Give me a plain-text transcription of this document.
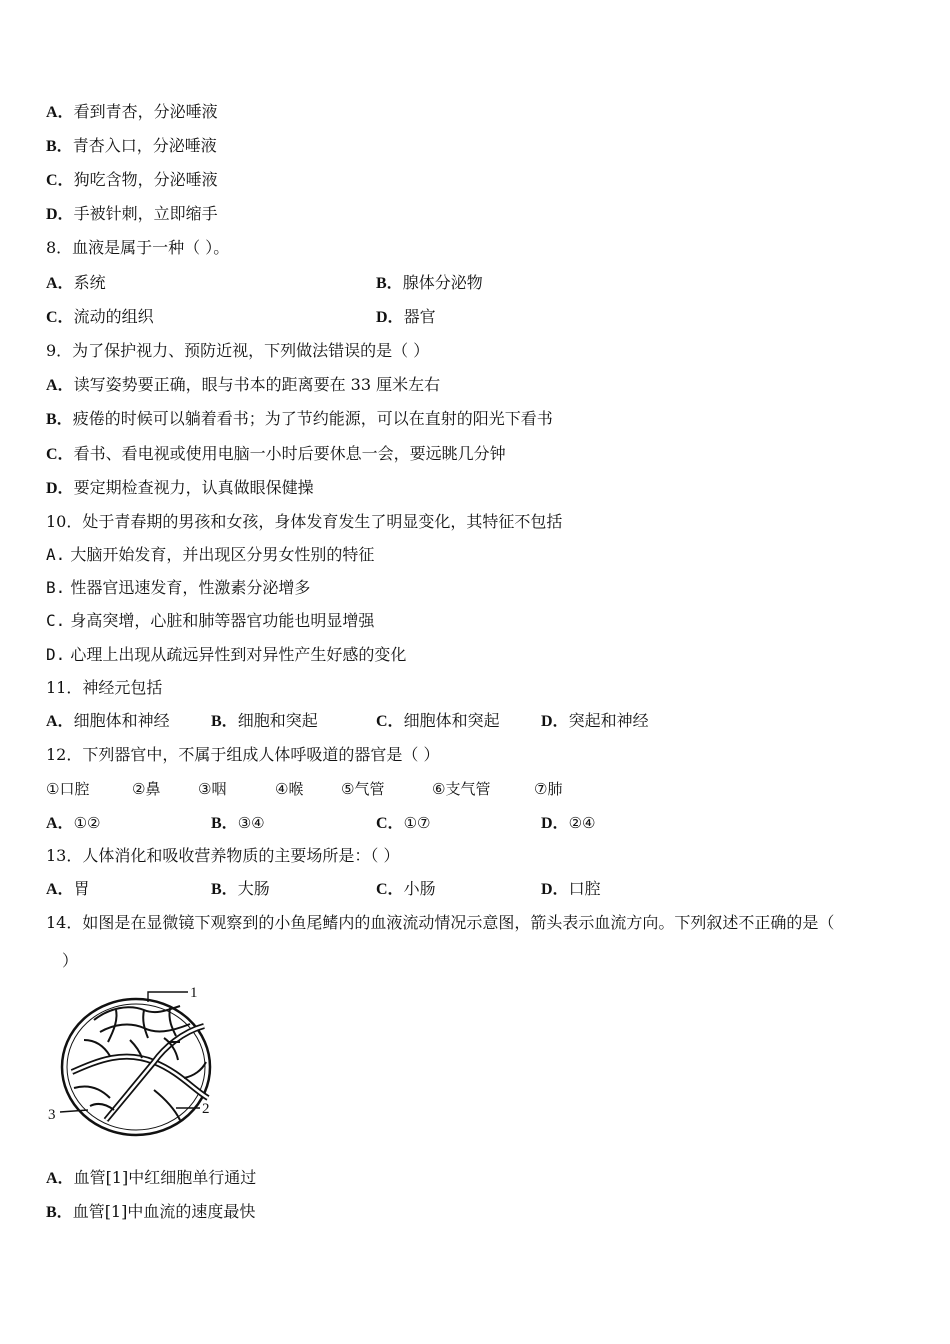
A．看到青杏，分泌唾液
B．青杏入口，分泌唾液
C．狗吃含物，分泌唾液
D．手被针刺，立即缩手
8．血液是属于一种（ ）。
A．系统	B．腺体分泌物
C．流动的组织	D．器官
9．为了保护视力、预防近视，下列做法错误的是（ ）
A．读写姿势要正确，眼与书本的距离要在 33 厘米左右
B．疲倦的时候可以躺着看书；为了节约能源，可以在直射的阳光下看书
C．看书、看电视或使用电脑一小时后要休息一会，要远眺几分钟
D．要定期检查视力，认真做眼保健操
10．处于青春期的男孩和女孩，身体发育发生了明显变化，其特征不包括
A. 大脑开始发育，并出现区分男女性别的特征
B. 性器官迅速发育，性激素分泌增多
C. 身高突增，心脏和肺等器官功能也明显增强
D. 心理上出现从疏远异性到对异性产生好感的变化
11．神经元包括
A．细胞体和神经	B．细胞和突起	C．细胞体和突起	D．突起和神经
12．下列器官中，不属于组成人体呼吸道的器官是（ ）
①口腔	②鼻	③咽	④喉	⑤气管	⑥支气管	⑦肺
A．①②	B．③④	C．①⑦	D．②④
13．人体消化和吸收营养物质的主要场所是：（ ）
A．胃	B．大肠	C．小肠	D．口腔
14．如图是在显微镜下观察到的小鱼尾鳍内的血液流动情况示意图，箭头表示血流方向。下列叙述不正确的是（
）
1
2
3
A．血管[1]中红细胞单行通过
B．血管[1]中血流的速度最快
